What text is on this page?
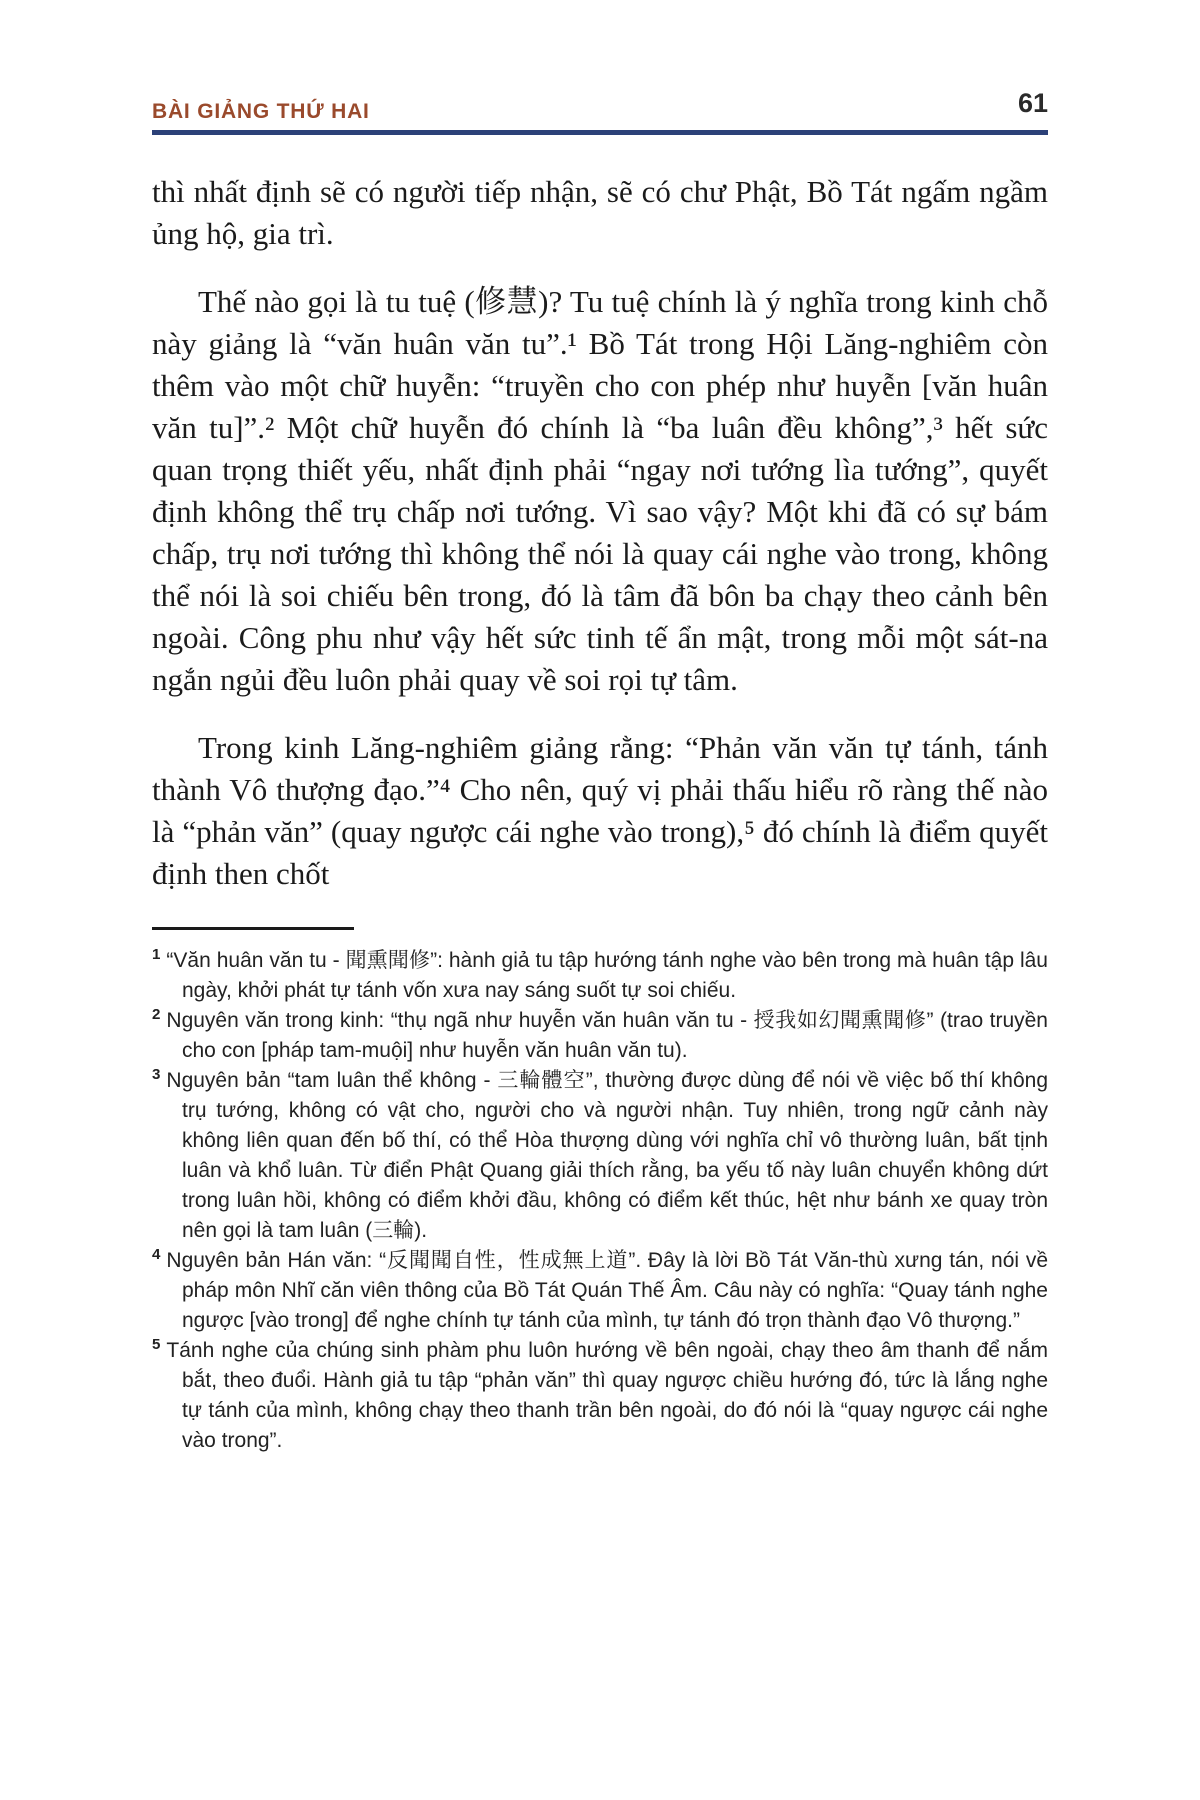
BÀI GIẢNG THỨ HAI	61

thì nhất định sẽ có người tiếp nhận, sẽ có chư Phật, Bồ Tát ngấm ngầm ủng hộ, gia trì.

Thế nào gọi là tu tuệ (修慧)? Tu tuệ chính là ý nghĩa trong kinh chỗ này giảng là “văn huân văn tu”.¹ Bồ Tát trong Hội Lăng-nghiêm còn thêm vào một chữ huyễn: “truyền cho con phép như huyễn [văn huân văn tu]”.² Một chữ huyễn đó chính là “ba luân đều không”,³ hết sức quan trọng thiết yếu, nhất định phải “ngay nơi tướng lìa tướng”, quyết định không thể trụ chấp nơi tướng. Vì sao vậy? Một khi đã có sự bám chấp, trụ nơi tướng thì không thể nói là quay cái nghe vào trong, không thể nói là soi chiếu bên trong, đó là tâm đã bôn ba chạy theo cảnh bên ngoài. Công phu như vậy hết sức tinh tế ẩn mật, trong mỗi một sát-na ngắn ngủi đều luôn phải quay về soi rọi tự tâm.

Trong kinh Lăng-nghiêm giảng rằng: “Phản văn văn tự tánh, tánh thành Vô thượng đạo.”⁴ Cho nên, quý vị phải thấu hiểu rõ ràng thế nào là “phản văn” (quay ngược cái nghe vào trong),⁵ đó chính là điểm quyết định then chốt

$^1$ “Văn huân văn tu - 聞熏聞修”: hành giả tu tập hướng tánh nghe vào bên trong mà huân tập lâu ngày, khởi phát tự tánh vốn xưa nay sáng suốt tự soi chiếu.
$^2$ Nguyên văn trong kinh: “thụ ngã như huyễn văn huân văn tu - 授我如幻聞熏聞修” (trao truyền cho con [pháp tam-muội] như huyễn văn huân văn tu).
$^3$ Nguyên bản “tam luân thể không - 三輪體空”, thường được dùng để nói về việc bố thí không trụ tướng, không có vật cho, người cho và người nhận. Tuy nhiên, trong ngữ cảnh này không liên quan đến bố thí, có thể Hòa thượng dùng với nghĩa chỉ vô thường luân, bất tịnh luân và khổ luân. Từ điển Phật Quang giải thích rằng, ba yếu tố này luân chuyển không dứt trong luân hồi, không có điểm khởi đầu, không có điểm kết thúc, hệt như bánh xe quay tròn nên gọi là tam luân (三輪).
$^4$ Nguyên bản Hán văn: “反聞聞自性，性成無上道”. Đây là lời Bồ Tát Văn-thù xưng tán, nói về pháp môn Nhĩ căn viên thông của Bồ Tát Quán Thế Âm. Câu này có nghĩa: “Quay tánh nghe ngược [vào trong] để nghe chính tự tánh của mình, tự tánh đó trọn thành đạo Vô thượng.”
$^5$ Tánh nghe của chúng sinh phàm phu luôn hướng về bên ngoài, chạy theo âm thanh để nắm bắt, theo đuổi. Hành giả tu tập “phản văn” thì quay ngược chiều hướng đó, tức là lắng nghe tự tánh của mình, không chạy theo thanh trần bên ngoài, do đó nói là “quay ngược cái nghe vào trong”.
